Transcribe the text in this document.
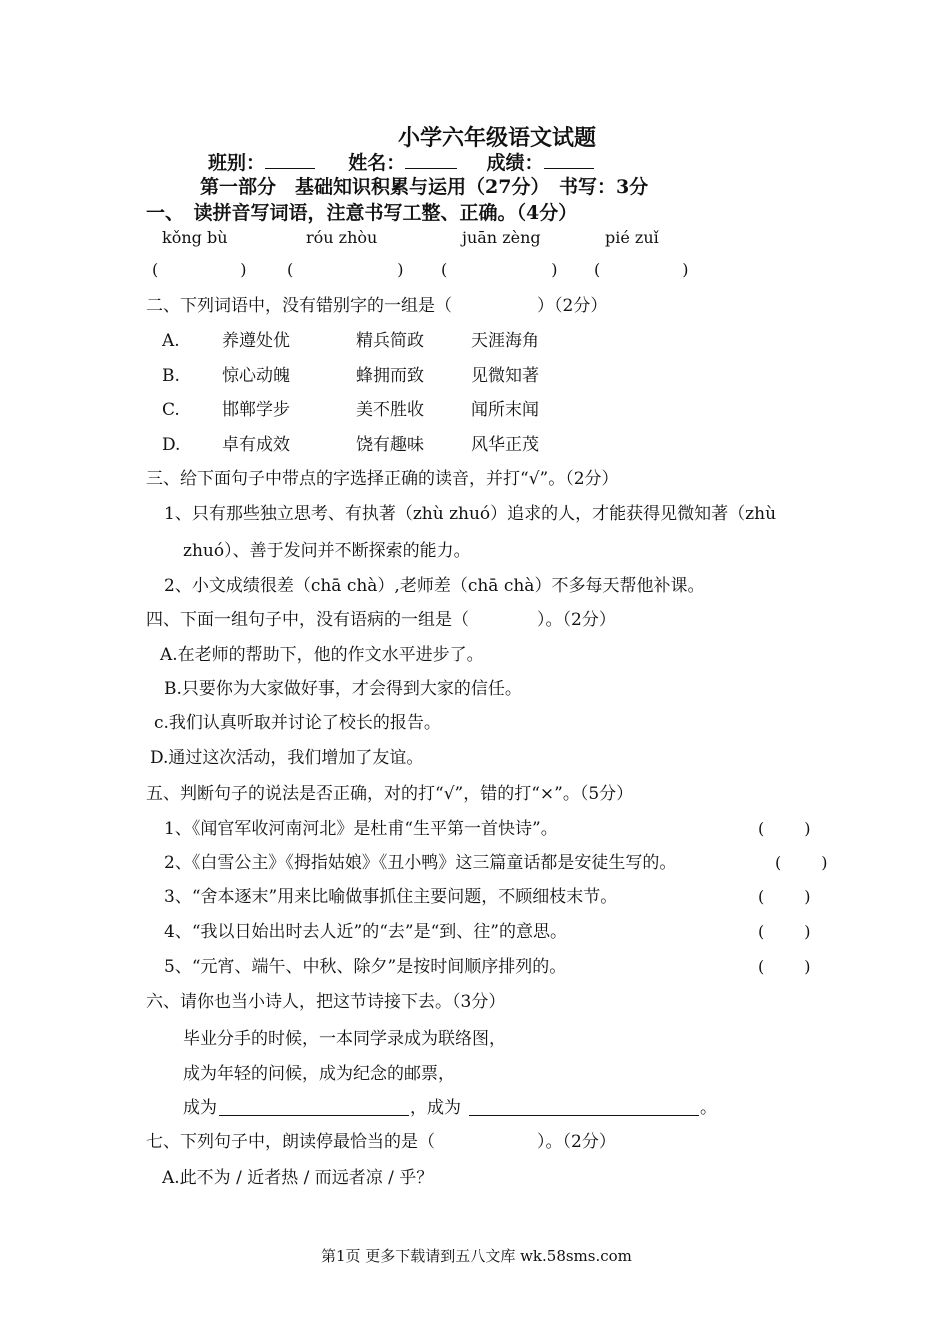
小学六年级语文试题
班别：	姓名：	成绩：
第一部分　基础知识积累与运用（27分）　书写：3分
一、　读拼音写词语，注意书写工整、正确。（4分）
kǒng bù	róu zhòu	juān zèng	pié zuǐ
(	)	(	) (	) (	)
二、下列词语中，没有错别字的一组是（　　　　　）（2分）
A. 养遵处优	精兵简政	天涯海角
B. 惊心动魄	蜂拥而致	见微知著
C. 邯郸学步	美不胜收	闻所末闻
D. 卓有成效	饶有趣味	风华正茂
三、给下面句子中带点的字选择正确的读音，并打“√”。（2分）
1、只有那些独立思考、有执著（zhù zhuó）追求的人，才能获得见微知著（zhù
zhuó）、善于发问并不断探索的能力。
2、小文成绩很差（chā chà）,老师差（chā chà）不多每天帮他补课。
四、下面一组句子中，没有语病的一组是（　　　　）。（2分）
A.在老师的帮助下，他的作文水平进步了。
B.只要你为大家做好事，才会得到大家的信任。
c.我们认真听取并讨论了校长的报告。
D.通过这次活动，我们增加了友谊。
五、判断句子的说法是否正确，对的打“√”，错的打“×”。（5分）
1、《闻官军收河南河北》是杜甫“生平第一首快诗”。	(	)
2、《白雪公主》《拇指姑娘》《丑小鸭》这三篇童话都是安徒生写的。	(	)
3、“舍本逐末”用来比喻做事抓住主要问题，不顾细枝末节。	(	)
4、“我以日始出时去人近”的“去”是“到、往”的意思。	(	)
5、“元宵、端午、中秋、除夕”是按时间顺序排列的。	(	)
六、请你也当小诗人，把这节诗接下去。（3分）
毕业分手的时候，一本同学录成为联络图，
成为年轻的问候，成为纪念的邮票，
成为	，成为	。
七、下列句子中，朗读停最恰当的是（　　　　　　）。（2分）
A.此不为 / 近者热 / 而远者凉 / 乎？
第1页 更多下载请到五八文库 wk.58sms.com
